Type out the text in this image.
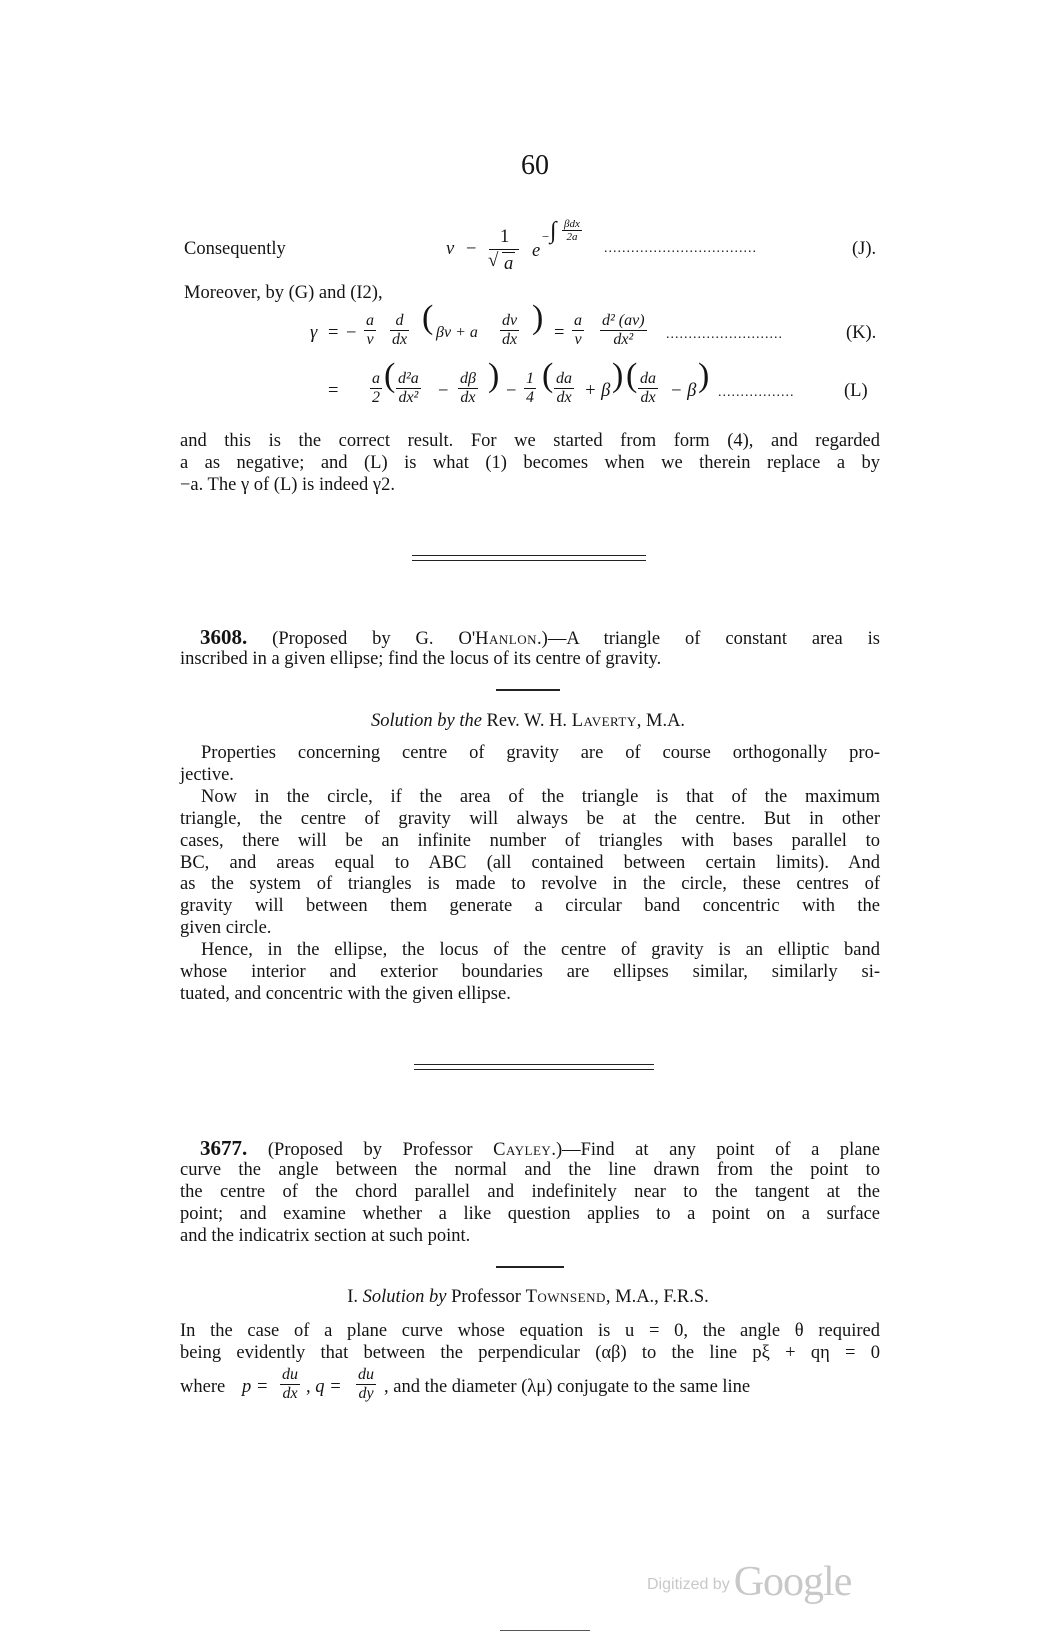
60
Consequently	v −
1
√ a
e
− ∫ βdx
2a
..................................	(J).
Moreover, by (G) and (I2),
γ = − $\frac{a}{v} \frac{d}{dx}$ ( βv + a $\frac{dv}{dx}$ ) = $\frac{a}{v} \frac{\text{d² (av)}}{\text{dx²}}$ ..........................	(K).
= $\frac{a}{2}$ ( $\frac{\text{d²a}}{\text{dx²}} - \frac{d\beta}{dx}$ ) − $\frac{1}{4}$ ( $\frac{da}{dx} + \beta$ ) ( $\frac{da}{dx} - \beta$ ) .................	(L)
and this is the correct result. For we started from form (4), and regarded
a as negative; and (L) is what (1) becomes when we therein replace a by
−a. The γ of (L) is indeed γ2.
3608. (Proposed by G. O'Hanlon.)—A triangle of constant area is
inscribed in a given ellipse; find the locus of its centre of gravity.
Solution by the Rev. W. H. Laverty, M.A.
Properties concerning centre of gravity are of course orthogonally pro-
jective.
Now in the circle, if the area of the triangle is that of the maximum
triangle, the centre of gravity will always be at the centre. But in other
cases, there will be an infinite number of triangles with bases parallel to
BC, and areas equal to ABC (all contained between certain limits). And
as the system of triangles is made to revolve in the circle, these centres of
gravity will between them generate a circular band concentric with the
given circle.
Hence, in the ellipse, the locus of the centre of gravity is an elliptic band
whose interior and exterior boundaries are ellipses similar, similarly si-
tuated, and concentric with the given ellipse.
3677. (Proposed by Professor Cayley.)—Find at any point of a plane
curve the angle between the normal and the line drawn from the point to
the centre of the chord parallel and indefinitely near to the tangent at the
point; and examine whether a like question applies to a point on a surface
and the indicatrix section at such point.
I. Solution by Professor Townsend, M.A., F.R.S.
In the case of a plane curve whose equation is u = 0, the angle θ required
being evidently that between the perpendicular (αβ) to the line pξ + qη = 0
where $p = \frac{du}{dx}$ , $q = \frac{du}{dy}$ , and the diameter (λμ) conjugate to the same line
Digitized by Google
